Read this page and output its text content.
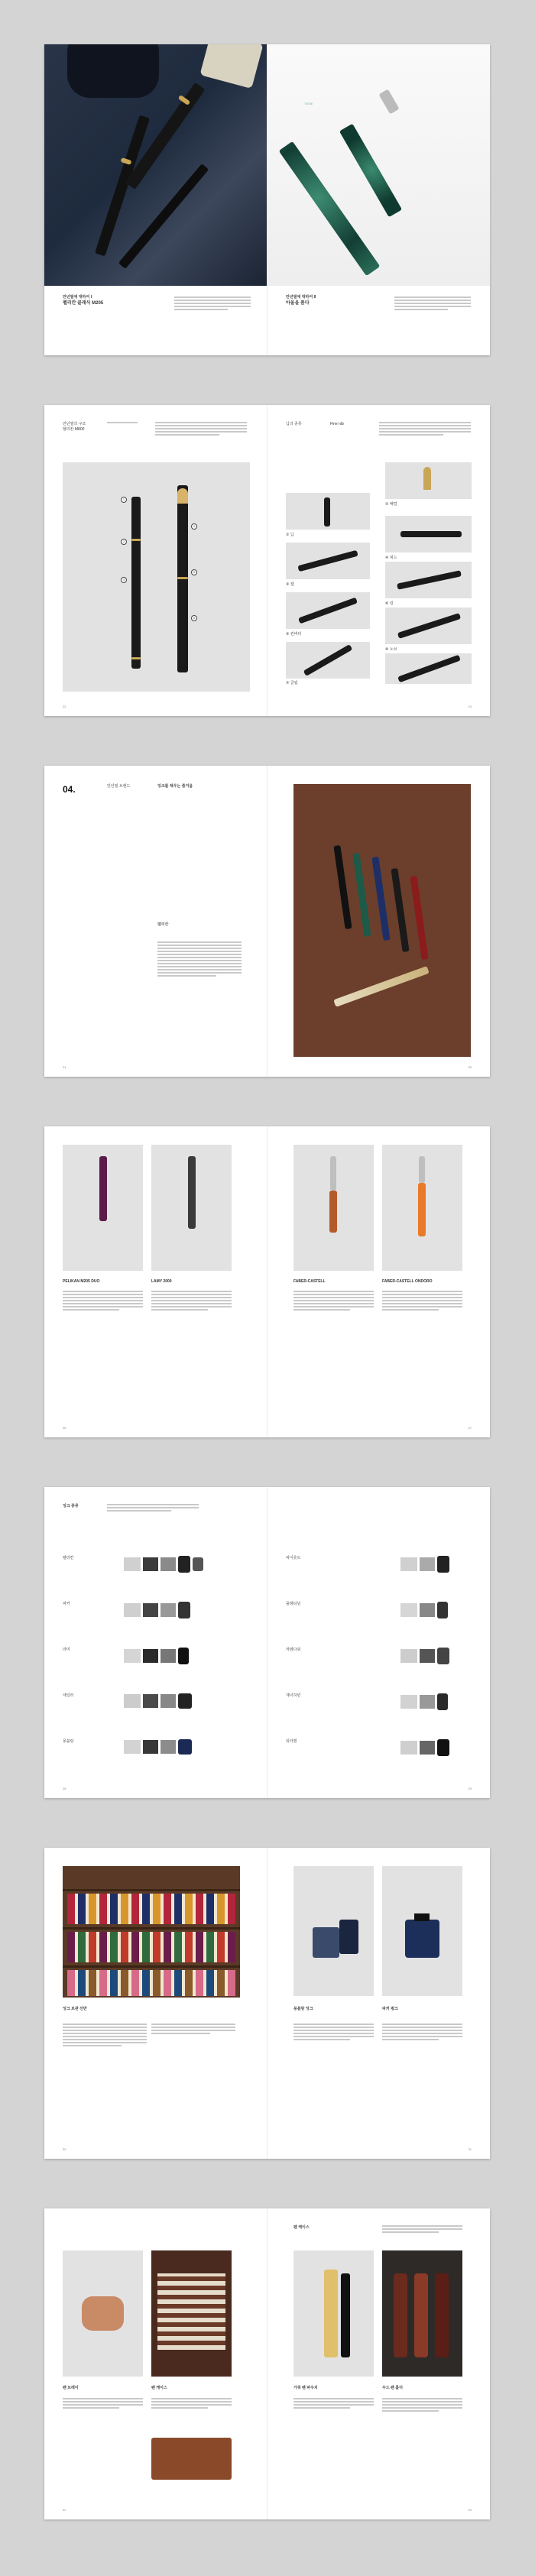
만년필에 대하여 I
펠리칸 클래식 M205
TWSBI
만년필에 대하여 II
아울을 품다
만년필의 구조
펠리칸 M800
1
2
3
4
5
6
22
닙의 종류	Fine nib
① 닙
② 배럴
③ 캡
④ 피드
⑤ 컨버터
⑥ 링
⑦ 클립
⑧ 노브
23
04.	만년필 브랜드	잉크를 채우는 즐거움
펠리칸
24	25
PELIKAN M205 DUO	LAMY 2000
26
FABER-CASTELL	FABER-CASTELL ONDORO
27
잉크 종류
펠리칸
파커
라미
세일러
몽블랑
28
파이롯트
플래티넘
까렌다쉬
제이허빈
워터맨
29
잉크 보관 선반
30
몽블랑 잉크	파커 큉크
31
펜 트레이	펜 케이스
32
펜 케이스
가죽 펜 파우치	우드 펜 홀더
33
